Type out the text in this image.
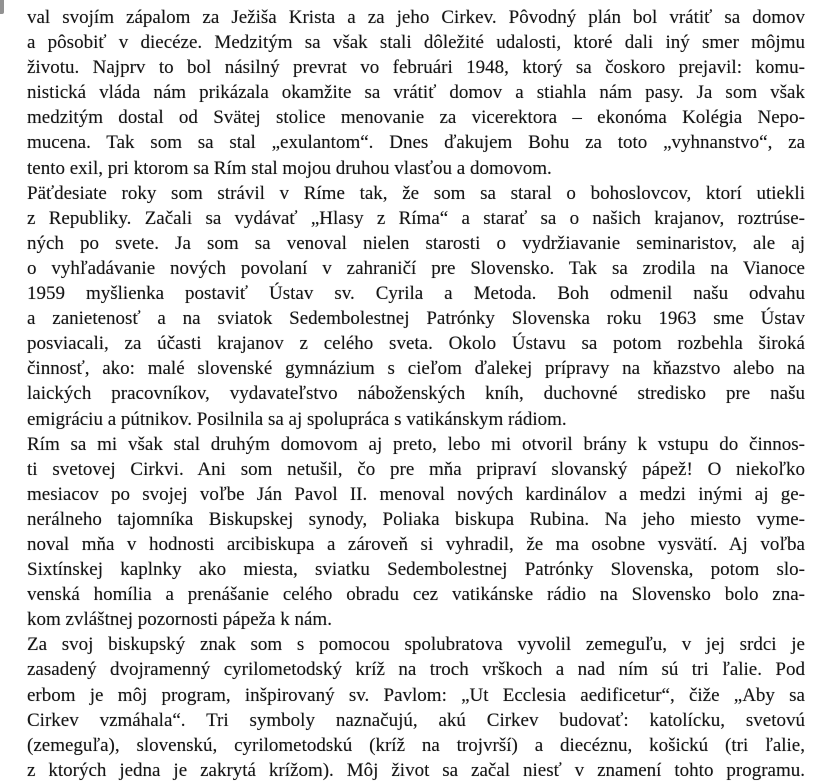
val svojím zápalom za Ježiša Krista a za jeho Cirkev. Pôvodný plán bol vrátiť sa domov
a pôsobiť v diecéze. Medzitým sa však stali dôležité udalosti, ktoré dali iný smer môjmu
životu. Najprv to bol násilný prevrat vo februári 1948, ktorý sa čoskoro prejavil: komu-
nistická vláda nám prikázala okamžite sa vrátiť domov a stiahla nám pasy. Ja som však
medzitým dostal od Svätej stolice menovanie za vicerektora – ekonóma Kolégia Nepo-
mucena. Tak som sa stal „exulantom“. Dnes ďakujem Bohu za toto „vyhnanstvo“, za
tento exil, pri ktorom sa Rím stal mojou druhou vlasťou a domovom.
Päťdesiate roky som strávil v Ríme tak, že som sa staral o bohoslovcov, ktorí utiekli
z Republiky. Začali sa vydávať „Hlasy z Ríma“ a starať sa o našich krajanov, roztrúse-
ných po svete. Ja som sa venoval nielen starosti o vydržiavanie seminaristov, ale aj
o vyhľadávanie nových povolaní v zahraničí pre Slovensko. Tak sa zrodila na Vianoce
1959 myšlienka postaviť Ústav sv. Cyrila a Metoda. Boh odmenil našu odvahu
a zanietenosť a na sviatok Sedembolestnej Patrónky Slovenska roku 1963 sme Ústav
posviacali, za účasti krajanov z celého sveta. Okolo Ústavu sa potom rozbehla široká
činnosť, ako: malé slovenské gymnázium s cieľom ďalekej prípravy na kňazstvo alebo na
laických pracovníkov, vydavateľstvo náboženských kníh, duchovné stredisko pre našu
emigráciu a pútnikov. Posilnila sa aj spolupráca s vatikánskym rádiom.
Rím sa mi však stal druhým domovom aj preto, lebo mi otvoril brány k vstupu do činnos-
ti svetovej Cirkvi. Ani som netušil, čo pre mňa pripraví slovanský pápež! O niekoľko
mesiacov po svojej voľbe Ján Pavol II. menoval nových kardinálov a medzi inými aj ge-
nerálneho tajomníka Biskupskej synody, Poliaka biskupa Rubina. Na jeho miesto vyme-
noval mňa v hodnosti arcibiskupa a zároveň si vyhradil, že ma osobne vysvätí. Aj voľba
Sixtínskej kaplnky ako miesta, sviatku Sedembolestnej Patrónky Slovenska, potom slo-
venská homília a prenášanie celého obradu cez vatikánske rádio na Slovensko bolo zna-
kom zvláštnej pozornosti pápeža k nám.
Za svoj biskupský znak som s pomocou spolubratova vyvolil zemeguľu, v jej srdci je
zasadený dvojramenný cyrilometodský kríž na troch vrškoch a nad ním sú tri ľalie. Pod
erbom je môj program, inšpirovaný sv. Pavlom: „Ut Ecclesia aedificetur“, čiže „Aby sa
Cirkev vzmáhala“. Tri symboly naznačujú, akú Cirkev budovať: katolícku, svetovú
(zemeguľa), slovenskú, cyrilometodskú (kríž na trojvrší) a diecéznu, košickú (tri ľalie,
z ktorých jedna je zakrytá krížom). Môj život sa začal niesť v znamení tohto programu.
